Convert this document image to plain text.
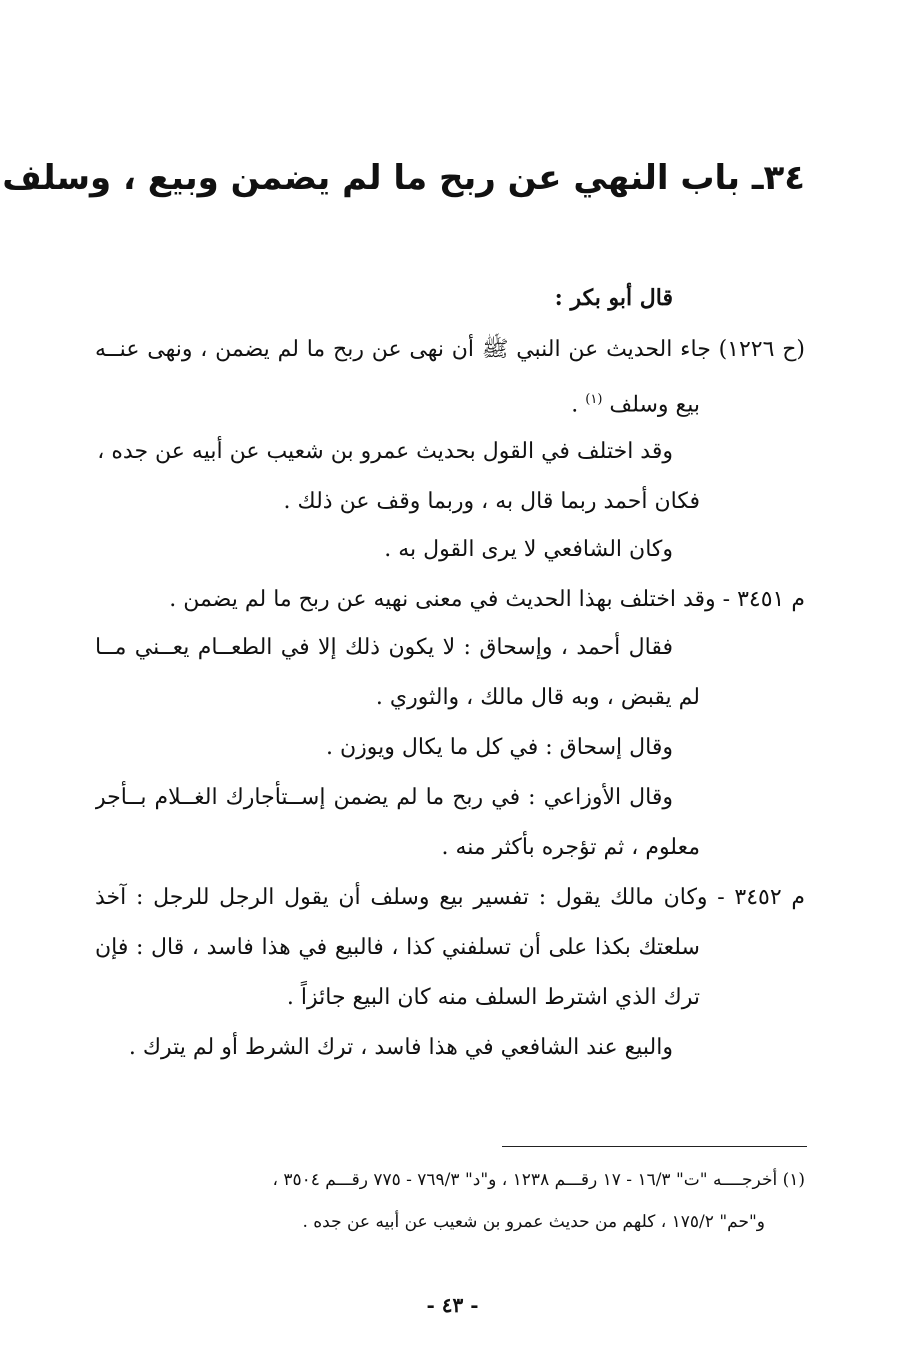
٣٤ـ باب النهي عن ربح ما لم يضمن وبيع ، وسلف
قال أبو بكر :
(ح ١٢٢٦) جاء الحديث عن النبي ﷺ أن نهى عن ربح ما لم يضمن ، ونهى عنــه
بيع وسلف $^{(١)}$ .
وقد اختلف في القول بحديث عمرو بن شعيب عن أبيه عن جده ،
فكان أحمد ربما قال به ، وربما وقف عن ذلك .
وكان الشافعي لا يرى القول به .
م ٣٤٥١ - وقد اختلف بهذا الحديث في معنى نهيه عن ربح ما لم يضمن .
فقال أحمد ، وإسحاق : لا يكون ذلك إلا في الطعــام يعــني مــا
لم يقبض ، وبه قال مالك ، والثوري .
وقال إسحاق : في كل ما يكال ويوزن .
وقال الأوزاعي : في ربح ما لم يضمن إســتأجارك الغــلام بــأجر
معلوم ، ثم تؤجره بأكثر منه .
م ٣٤٥٢ - وكان مالك يقول : تفسير بيع وسلف أن يقول الرجل للرجل : آخذ
سلعتك بكذا على أن تسلفني كذا ، فالبيع في هذا فاسد ، قال : فإن
ترك الذي اشترط السلف منه كان البيع جائزاً .
والبيع عند الشافعي في هذا فاسد ، ترك الشرط أو لم يترك .
(١) أخرجــــه "ت" ١٦/٣ - ١٧ رقـــم ١٢٣٨ ، و"د" ٧٦٩/٣ - ٧٧٥ رقـــم ٣٥٠٤ ،
و"حم" ١٧٥/٢ ، كلهم من حديث عمرو بن شعيب عن أبيه عن جده .
- ٤٣ -
